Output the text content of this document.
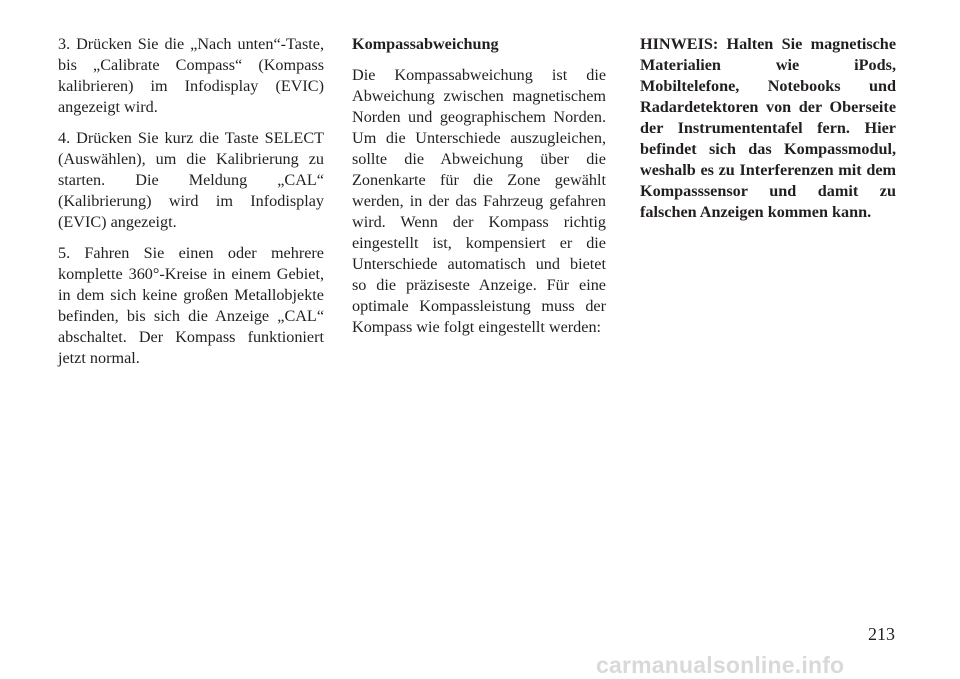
3. Drücken Sie die „Nach unten“-Taste, bis „Calibrate Compass“ (Kompass kalibrieren) im Infodisplay (EVIC) angezeigt wird.

4. Drücken Sie kurz die Taste SELECT (Auswählen), um die Kalibrierung zu starten. Die Meldung „CAL“ (Kalibrierung) wird im Infodisplay (EVIC) angezeigt.

5. Fahren Sie einen oder mehrere komplette 360°-Kreise in einem Gebiet, in dem sich keine großen Metallobjekte befinden, bis sich die Anzeige „CAL“ abschaltet. Der Kompass funktioniert jetzt normal.

Kompassabweichung

Die Kompassabweichung ist die Abweichung zwischen magnetischem Norden und geographischem Norden. Um die Unterschiede auszugleichen, sollte die Abweichung über die Zonenkarte für die Zone gewählt werden, in der das Fahrzeug gefahren wird. Wenn der Kompass richtig eingestellt ist, kompensiert er die Unterschiede automatisch und bietet so die präziseste Anzeige. Für eine optimale Kompassleistung muss der Kompass wie folgt eingestellt werden:

HINWEIS: Halten Sie magnetische Materialien wie iPods, Mobiltelefone, Notebooks und Radardetektoren von der Oberseite der Instrumententafel fern. Hier befindet sich das Kompassmodul, weshalb es zu Interferenzen mit dem Kompasssensor und damit zu falschen Anzeigen kommen kann.

213
carmanualsonline.info
